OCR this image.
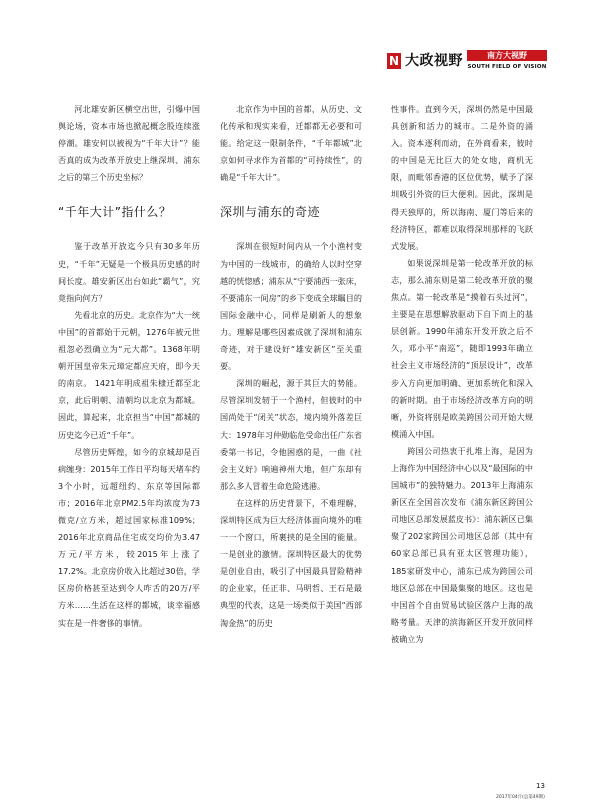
N 大政视野	南方大视野
SOUTH FIELD OF VISION

河北雄安新区横空出世，引爆中国舆论场，资本市场也掀起概念股连续涨停潮。雄安何以被视为“千年大计”？能否真的成为改革开放史上继深圳、浦东之后的第三个历史坐标？

“千年大计”指什么？

鉴于改革开放迄今只有30多年历史，“千年”无疑是一个极具历史感的时间长度。雄安新区出台如此“霸气”，究竟指向何方？

先看北京的历史。北京作为“大一统中国”的首都始于元朝，1276年被元世祖忽必烈确立为“元大都”。1368年明朝开国皇帝朱元璋定都应天府，即今天的南京。 1421年明成祖朱棣迁都至北京，此后明朝、清朝均以北京为都城。因此，算起来，北京担当“中国”都城的历史迄今已近“千年”。

尽管历史辉煌，如今的京城却是百病缠身：2015年工作日平均每天堵车约3个小时，远超纽约、东京等国际都市；2016年北京PM2.5年均浓度为73微克/立方米，超过国家标准109%；2016年北京商品住宅成交均价为3.47万元/平方米，较2015年上涨了17.2%。北京房价收入比超过30倍，学区房价格甚至达到令人咋舌的20万/平方米……生活在这样的都城，谈幸福感实在是一件奢侈的事情。

北京作为中国的首都，从历史、文化传承和现实来看，迁都都无必要和可能。给定这一限制条件，“千年都城”北京如何寻求作为首都的“可持续性”，的确是“千年大计”。

深圳与浦东的奇迹

深圳在很短时间内从一个小渔村变为中国的一线城市，的确给人以时空穿越的恍惚感；浦东从“宁要浦西一张床，不要浦东一间房”的乡下变成全球瞩目的国际金融中心，同样是刷新人的想象力。理解是哪些因素成就了深圳和浦东奇迹，对于建设好“雄安新区”至关重要。

深圳的崛起，源于其巨大的势能。尽管深圳发轫于一个渔村，但彼时的中国尚处于“闭关”状态，境内境外落差巨大：1978年习仲勋临危受命出任广东省委第一书记，令他困惑的是，一曲《社会主义好》响遍神州大地，但广东却有那么多人冒着生命危险逃港。

在这样的历史背景下，不难理解，深圳特区成为巨大经济体面向境外的唯一一个窗口，所裹挟的是全国的能量。一是创业的激情。深圳特区最大的优势是创业自由，吸引了中国最具冒险精神的企业家，任正非、马明哲、王石是最典型的代表，这是一场类似于美国“西部淘金热”的历史

性事件。直到今天，深圳仍然是中国最具创新和活力的城市。二是外资的涌入。资本逐利而动，在外商看来，彼时的中国是无比巨大的处女地，商机无限，而毗邻香港的区位优势，赋予了深圳吸引外资的巨大便利。因此，深圳是得天独厚的，所以海南、厦门等后来的经济特区，都难以取得深圳那样的飞跃式发展。

如果说深圳是第一轮改革开放的标志，那么浦东则是第二轮改革开放的聚焦点。第一轮改革是“摸着石头过河”，主要是在思想解放驱动下自下而上的基层创新。1990年浦东开发开放之后不久，邓小平“南巡”，随即1993年确立社会主义市场经济的“顶层设计”，改革步入方向更加明确、更加系统化和深入的新时期。由于市场经济改革方向的明晰，外资将别是欧美跨国公司开始大规模涌入中国。

跨国公司热衷于扎堆上海，是因为上海作为中国经济中心以及“最国际的中国城市”的独特魅力。2013年上海浦东新区在全国首次发布《浦东新区跨国公司地区总部发展蓝皮书》：浦东新区已集聚了202家跨国公司地区总部（其中有60家总部已具有亚太区管理功能），185家研发中心，浦东已成为跨国公司地区总部在中国最集聚的地区。这也是中国首个自由贸易试验区落户上海的战略考量。天津的滨海新区开发开放同样被确立为

13
2017年04月(总第49期)
